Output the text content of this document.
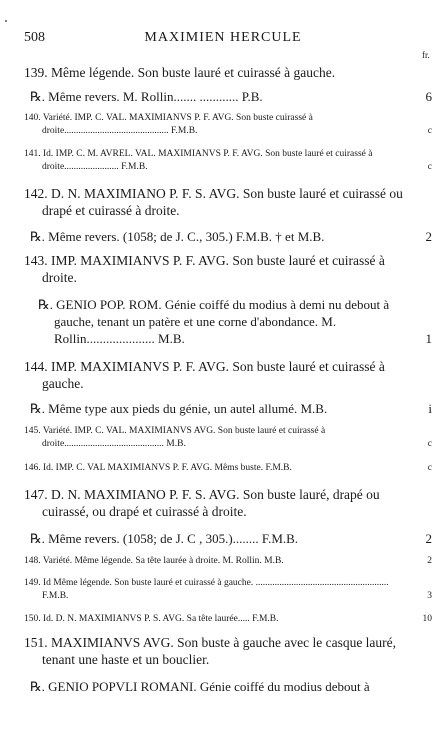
508	MAXIMIEN HERCULE
fr.
139. Même légende. Son buste lauré et cuirassé à gauche.
℞. Même revers. M. Rollin....... ............ P.B.	6
140. Variété. IMP. C. VAL. MAXIMIANVS P. F. AVG. Son buste cuirassé à droite............................................ F.M.B.	c
141. Id. IMP. C. M. AVREL. VAL. MAXIMIANVS P. F. AVG. Son buste lauré et cuirassé à droite....................... F.M.B.	c
142. D. N. MAXIMIANO P. F. S. AVG. Son buste lauré et cuirassé ou drapé et cuirassé à droite.
℞. Même revers. (1058; de J. C., 305.) F.M.B. † et M.B.	2
143. IMP. MAXIMIANVS P. F. AVG. Son buste lauré et cuirassé à droite.
℞. GENIO POP. ROM. Génie coiffé du modius à demi nu debout à gauche, tenant un patère et une corne d'abondance. M. Rollin..................... M.B.	1
144. IMP. MAXIMIANVS P. F. AVG. Son buste lauré et cuirassé à gauche.
℞. Même type aux pieds du génie, un autel allumé. M.B.	i
145. Variété. IMP. C. VAL. MAXIMIANVS AVG. Son buste lauré et cuirassé à droite.......................................... M.B.	c
146. Id. IMP. C. VAL MAXIMIANVS P. F. AVG. Mêms buste. F.M.B.	c
147. D. N. MAXIMIANO P. F. S. AVG. Son buste lauré, drapé ou cuirassé, ou drapé et cuirassé à droite.
℞. Même revers. (1058; de J. C , 305.)........ F.M.B.	2
148. Variété. Même légende. Sa tête laurée à droite. M. Rollin. M.B.	2
149. Id Même légende. Son buste lauré et cuirassé à gauche. ........................................................ F.M.B.	3
150. Id. D. N. MAXIMIANVS P. S. AVG. Sa tête laurée..... F.M.B.	10
151. MAXIMIANVS AVG. Son buste à gauche avec le casque lauré, tenant une haste et un bouclier.
℞. GENIO POPVLI ROMANI. Génie coiffé du modius debout à
